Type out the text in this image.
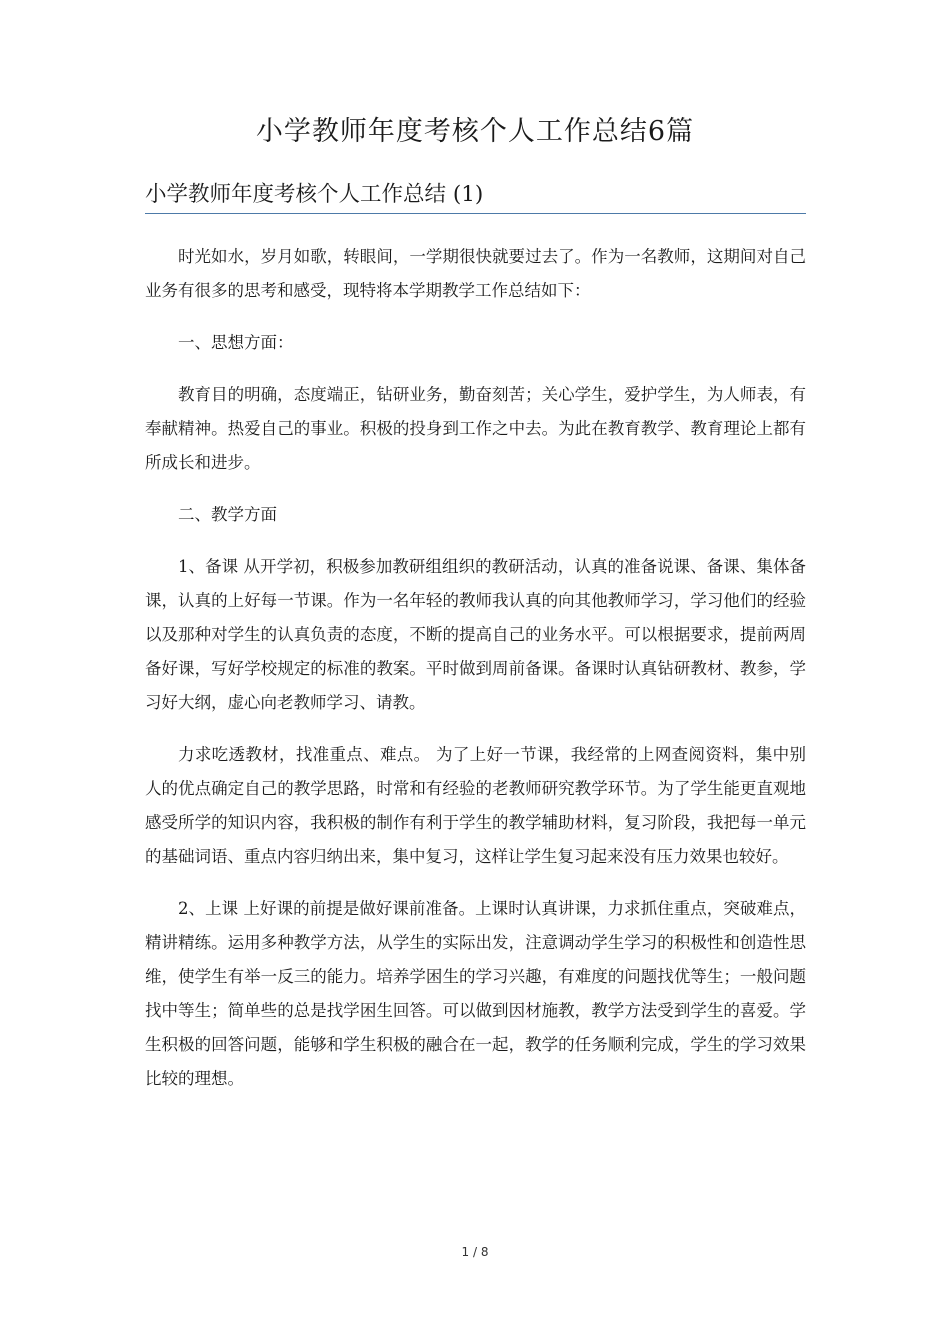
小学教师年度考核个人工作总结6篇
小学教师年度考核个人工作总结 (1)

时光如水，岁月如歌，转眼间，一学期很快就要过去了。作为一名教师，这期间对自己业务有很多的思考和感受，现特将本学期教学工作总结如下：

一、思想方面：

教育目的明确，态度端正，钻研业务，勤奋刻苦；关心学生，爱护学生，为人师表，有奉献精神。热爱自己的事业。积极的投身到工作之中去。为此在教育教学、教育理论上都有所成长和进步。

二、教学方面

1、备课 从开学初，积极参加教研组组织的教研活动，认真的准备说课、备课、集体备课，认真的上好每一节课。作为一名年轻的教师我认真的向其他教师学习，学习他们的经验以及那种对学生的认真负责的态度，不断的提高自己的业务水平。可以根据要求，提前两周备好课，写好学校规定的标准的教案。平时做到周前备课。备课时认真钻研教材、教参，学习好大纲，虚心向老教师学习、请教。

力求吃透教材，找准重点、难点。 为了上好一节课，我经常的上网查阅资料，集中别人的优点确定自己的教学思路，时常和有经验的老教师研究教学环节。为了学生能更直观地感受所学的知识内容，我积极的制作有利于学生的教学辅助材料，复习阶段，我把每一单元的基础词语、重点内容归纳出来，集中复习，这样让学生复习起来没有压力效果也较好。

2、上课 上好课的前提是做好课前准备。上课时认真讲课，力求抓住重点，突破难点，精讲精练。运用多种教学方法，从学生的实际出发，注意调动学生学习的积极性和创造性思维，使学生有举一反三的能力。培养学困生的学习兴趣，有难度的问题找优等生；一般问题找中等生；简单些的总是找学困生回答。可以做到因材施教，教学方法受到学生的喜爱。学生积极的回答问题，能够和学生积极的融合在一起，教学的任务顺利完成，学生的学习效果比较的理想。

1 / 8
